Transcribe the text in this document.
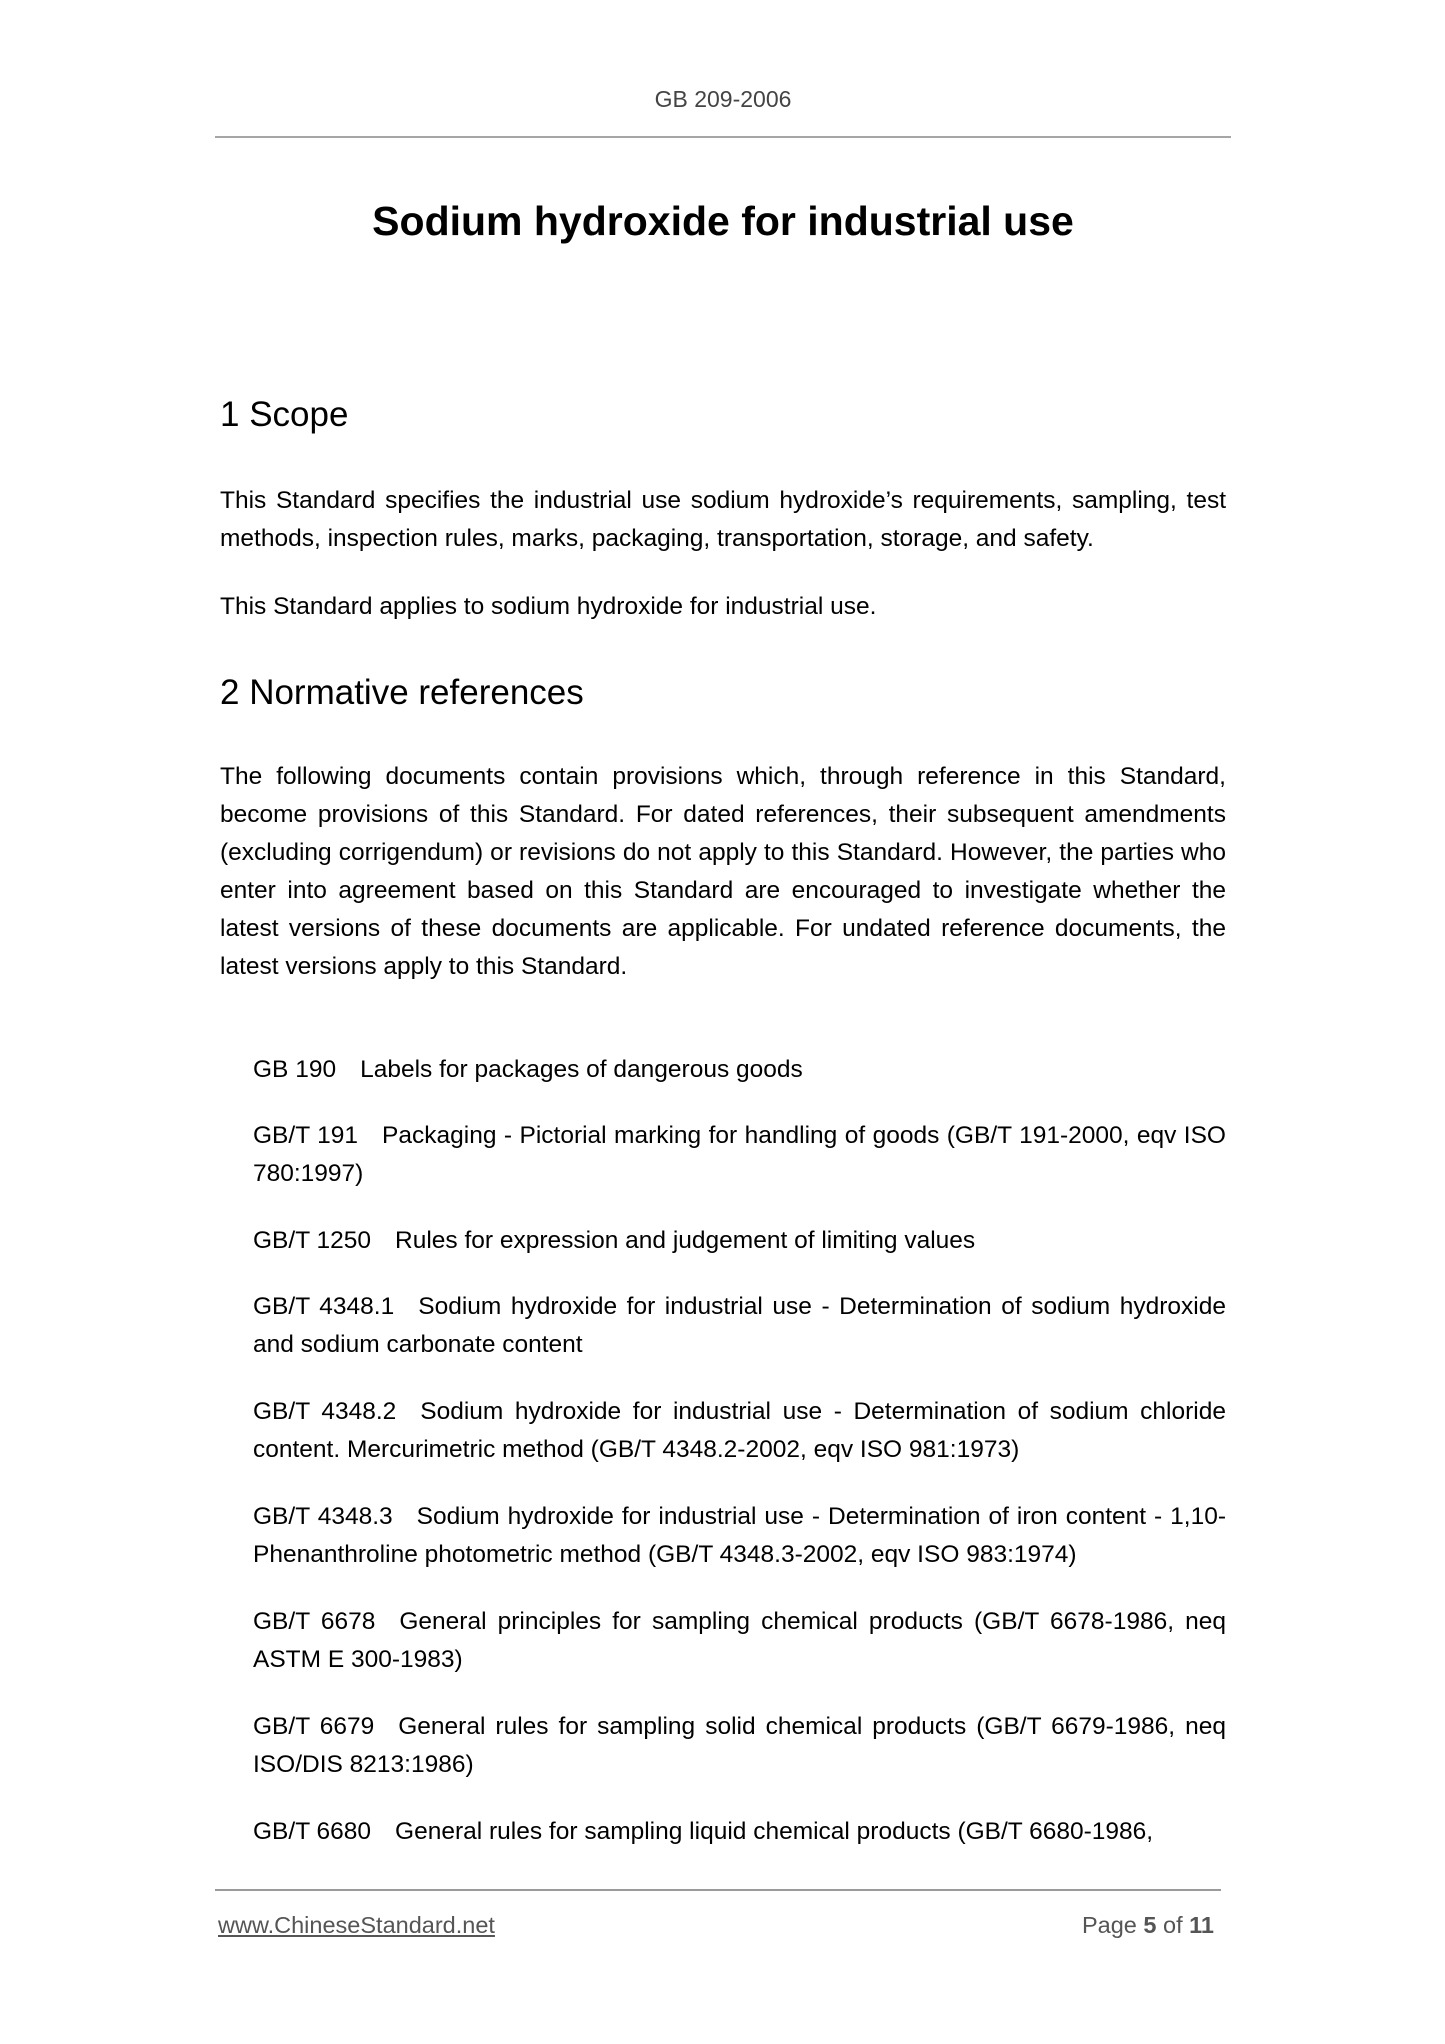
GB 209-2006
Sodium hydroxide for industrial use
1 Scope

This Standard specifies the industrial use sodium hydroxide’s requirements, sampling, test methods, inspection rules, marks, packaging, transportation, storage, and safety.

This Standard applies to sodium hydroxide for industrial use.

2 Normative references

The following documents contain provisions which, through reference in this Standard, become provisions of this Standard. For dated references, their subsequent amendments (excluding corrigendum) or revisions do not apply to this Standard. However, the parties who enter into agreement based on this Standard are encouraged to investigate whether the latest versions of these documents are applicable. For undated reference documents, the latest versions apply to this Standard.

GB 190 Labels for packages of dangerous goods
GB/T 191 Packaging - Pictorial marking for handling of goods (GB/T 191-2000, eqv ISO 780:1997)
GB/T 1250 Rules for expression and judgement of limiting values
GB/T 4348.1 Sodium hydroxide for industrial use - Determination of sodium hydroxide and sodium carbonate content
GB/T 4348.2 Sodium hydroxide for industrial use - Determination of sodium chloride content. Mercurimetric method (GB/T 4348.2-2002, eqv ISO 981:1973)
GB/T 4348.3 Sodium hydroxide for industrial use - Determination of iron content - 1,10-Phenanthroline photometric method (GB/T 4348.3-2002, eqv ISO 983:1974)
GB/T 6678 General principles for sampling chemical products (GB/T 6678-1986, neq ASTM E 300-1983)
GB/T 6679 General rules for sampling solid chemical products (GB/T 6679-1986, neq ISO/DIS 8213:1986)
GB/T 6680 General rules for sampling liquid chemical products (GB/T 6680-1986,
www.ChineseStandard.net	Page 5 of 11
